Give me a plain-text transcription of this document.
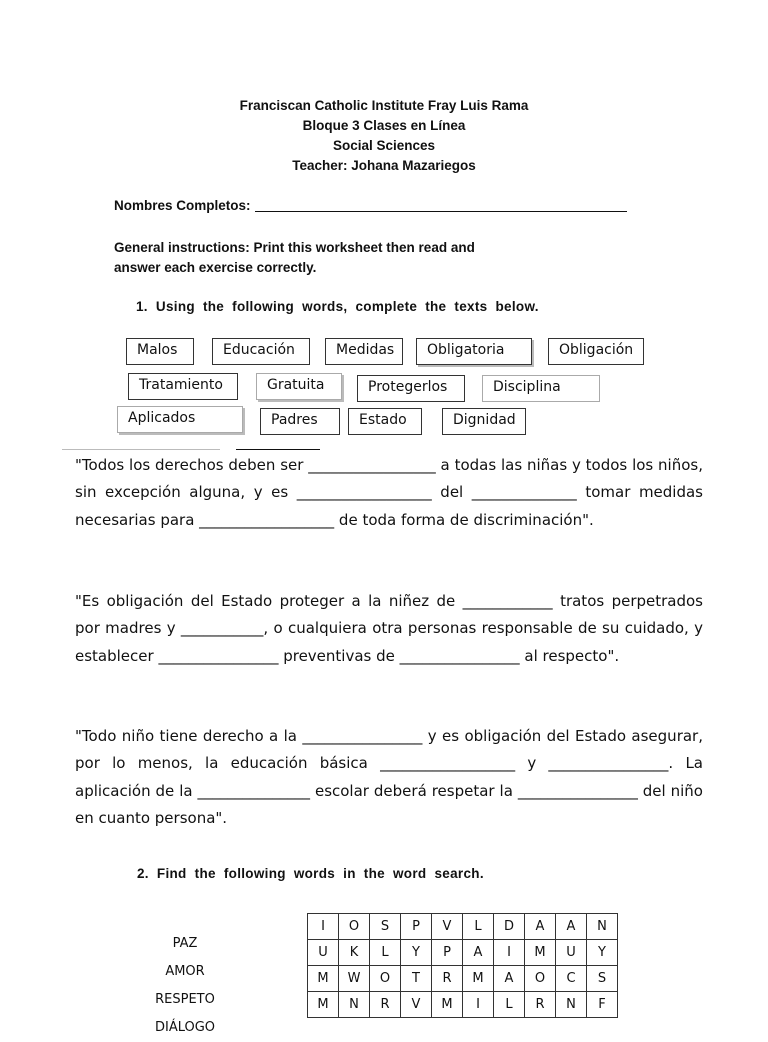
Franciscan Catholic Institute Fray Luis Rama
Bloque 3 Clases en Línea
Social Sciences
Teacher: Johana Mazariegos
Nombres Completos:
General instructions: Print this worksheet then read and
answer each exercise correctly.
1. Using the following words, complete the texts below.
Malos	Educación	Medidas	Obligatoria	Obligación
Tratamiento	Gratuita	Protegerlos	Disciplina
Aplicados	Padres	Estado	Dignidad
"Todos los derechos deben ser _________________ a todas las niñas y todos los niños, sin excepción alguna, y es __________________ del ______________ tomar medidas necesarias para __________________ de toda forma de discriminación".
"Es obligación del Estado proteger a la niñez de ____________ tratos perpetrados por madres y ___________, o cualquiera otra personas responsable de su cuidado, y establecer ________________ preventivas de ________________ al respecto".
"Todo niño tiene derecho a la ________________ y es obligación del Estado asegurar, por lo menos, la educación básica __________________ y ________________. La aplicación de la _______________ escolar deberá respetar la ________________ del niño en cuanto persona".
2. Find the following words in the word search.
PAZ
AMOR
RESPETO
DIÁLOGO
I	O	S	P	V	L	D	A	A	N
U	K	L	Y	P	A	I	M	U	Y
M	W	O	T	R	M	A	O	C	S
M	N	R	V	M	I	L	R	N	F
